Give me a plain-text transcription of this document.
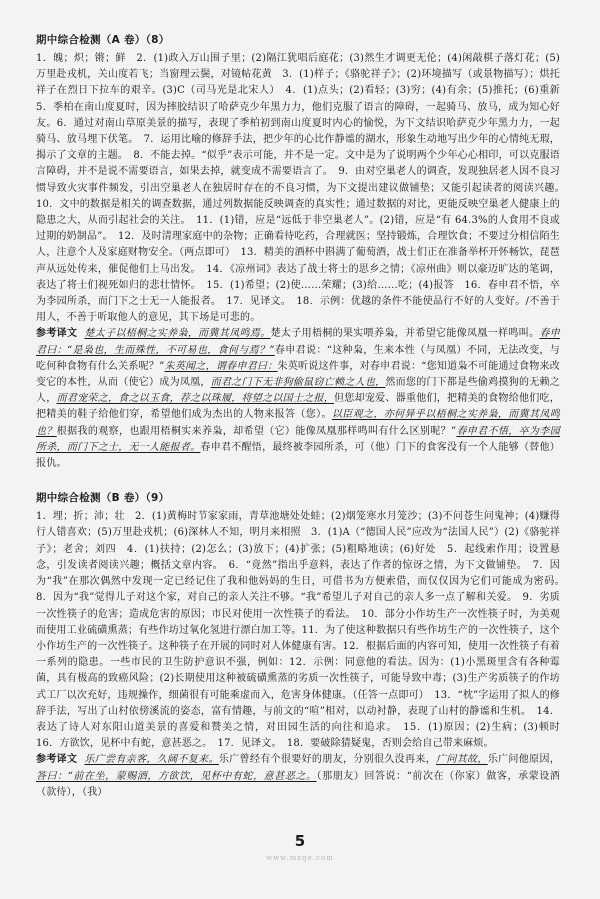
期中综合检测（A 卷）（8）

1．魄；炽；锵；鲜　2．(1)政入万山围子里；(2)隔江犹唱后庭花；(3)然生才调更无伦；(4)闲敲棋子落灯花；(5)万里赴戎机，关山度若飞；当窗理云鬓，对镜帖花黄　3．(1)样子；《骆驼祥子》；(2)环境描写（或景物描写）；烘托祥子在烈日下拉车的艰辛。(3)C（司马光是北宋人）　4．(1)点头；(2)看轻；(3)穷；(4)有余；(5)推托；(6)重新　5．季柏在南山度夏时，因为摔胶结识了哈萨克少年黑力力，他们克服了语言的障碍，一起骑马、放马，成为知心好友。6．通过对南山草原美景的描写，表现了季柏初到南山度夏时内心的愉悦，为下文结识哈萨克少年黑力力，一起骑马、放马埋下伏笔。　7．运用比喻的修辞手法，把少年的心比作静谧的湖水，形象生动地写出少年的心情纯无瑕，揭示了文章的主题。　8．不能去掉。“似乎”表示可能，并不是一定。文中是为了说明两个少年心心相印，可以克服语言障碍，并不是说不需要语言，如果去掉，就变成不需要语言了。　9．由对空巢老人的调查，发现独居老人因不良习惯导致火灾事件频发，引出空巢老人在独居时存在的不良习惯，为下文提出建议做铺垫；又能引起读者的阅读兴趣。　10．文中的数据是相关的调查数据，通过列数据能反映调查的真实性；通过数据的对比，更能反映空巢老人健康上的隐患之大，从而引起社会的关注。　11．(1)错，应是“远低于非空巢老人”。(2)错，应是“有 64.3%的人食用不良或过期的奶制品”。　12．及时清理家庭中的杂物；正确看待吃药，合理就医；坚持锻炼，合理饮食；不要过分相信陌生人，注意个人及家庭财物安全。（两点即可）　13．精美的酒杯中斟满了葡萄酒，战士们正在准备举杯开怀畅饮，琵琶声从远处传来，催促他们上马出发。　14．《凉州词》表达了战士将士的思乡之情；《凉州曲》则以豪迈旷达的笔调，表达了将士们视死如归的悲壮情怀。　15．(1)希望；(2)使……荣耀；(3)给……吃；(4)报答　16．春申君不悟，卒为李园所杀，而门下之士无一人能报者。　17．见译文。　18．示例：优越的条件不能使品行不好的人变好。/不善于用人，不善于听取他人的意见，其下场是可悲的。

参考译文 楚太子以梧桐之实养枭，而冀其凤鸣焉。楚太子用梧桐的果实喂养枭，并希望它能像凤凰一样鸣叫。春申君曰：“是枭也，生而殊性，不可易也，食何与焉？”春申君说：“这种枭，生来本性（与凤凰）不同，无法改变，与吃何种食物有什么关系呢？”朱英闻之，谓春申君曰：朱英听说这件事，对春申君说：“您知道枭不可能通过食物来改变它的本性，从而（使它）成为凤凰，而君之门下无非狗偷鼠窃亡赖之人也，然而您的门下都是些偷鸡摸狗的无赖之人，而君宠荣之，食之以玉食，荐之以珠履，将望之以国士之报，但您却宠爱、器重他们，把精美的食物给他们吃，把精美的鞋子给他们穿，希望他们成为杰出的人物来报答（您）。以臣观之，亦何异乎以梧桐之实养枭，而冀其凤鸣也？根据我的观察，也跟用梧桐实来养枭，却希望（它）能像凤凰那样鸣叫有什么区别呢？”春申君不悟，卒为李园所杀，而门下之士，无一人能报者。春申君不醒悟，最终被李园所杀，可（他）门下的食客没有一个人能够（替他）报仇。

期中综合检测（B 卷）（9）

1．埋；折；沛；壮　2．(1)黄梅时节家家雨，青草池塘处处蛙；(2)烟笼寒水月笼沙；(3)不问苍生问鬼神；(4)赚得行人错喜欢；(5)万里赴戎机；(6)深林人不知，明月来相照　3．(1)A（“德国人民”应改为“法国人民”）(2)《骆驼祥子》；老舍；刘四　4．(1)扶持；(2)怎么；(3)放下；(4)扩张；(5)粗略地读；(6)好处　5．起线索作用；设置悬念，引发读者阅读兴趣；概括文章内容。　6．“竟然”指出乎意料，表达了作者的惊讶之情，为下文做铺垫。　7．因为“我”在那次偶然中发现一定已经记住了我和他妈妈的生日，可借书为方便索借，而仅仅因为它们可能成为密码。　8．因为“我”觉得儿子对这个家，对自己的亲人关注不够。“我”希望儿子对自己的亲人多一点了解和关爱。　9．劣质一次性筷子的危害；造成危害的原因；市民对使用一次性筷子的看法。　10．部分小作坊生产一次性筷子时，为美观而使用工业硫磺熏蒸；有些作坊过氧化氢进行漂白加工等。11．为了使这种数据只有些作坊生产的一次性筷子，这个小作坊生产的一次性筷子。这种筷子在开展的同时对人体健康有害。12．根据后面的内容可知，使用一次性筷子有着一系列的隐患。一些市民的卫生防护意识不强，例如：12．示例：同意他的看法。因为：(1)小黑斑里含有各种霉菌，具有极高的致癌风险；(2)长期使用这种被硫磺熏蒸的劣质一次性筷子，可能导致中毒；(3)生产劣质筷子的作坊式工厂以次充好，违规操作，细菌很有可能乘虚而入，危害身体健康。（任答一点即可）　13．“枕”字运用了拟人的修辞手法，写出了山村依傍溪流的姿态，富有情趣，与前文的“喧”相对，以动衬静，表现了山村的静谧和生机。　14．表达了诗人对东阳山道美景的喜爱和赞美之情，对田园生活的向往和追求。　15．(1)原因；(2)生病；(3)顿时　16．方欲饮，见杯中有蛇，意甚恶之。　17．见译文。　18．要破除猜疑鬼，否则会给自己带来麻烦。

参考译文 乐广尝有亲客，久阔不复来。乐广曾经有个很要好的朋友，分别很久没再来，广问其故，乐广问他原因，答曰：“前在坐，蒙赐酒，方欲饮，见杯中有蛇，意甚恶之。（那朋友）回答说：“前次在（你家）做客，承蒙设酒（款待），（我）

5
www.mxqe.com
